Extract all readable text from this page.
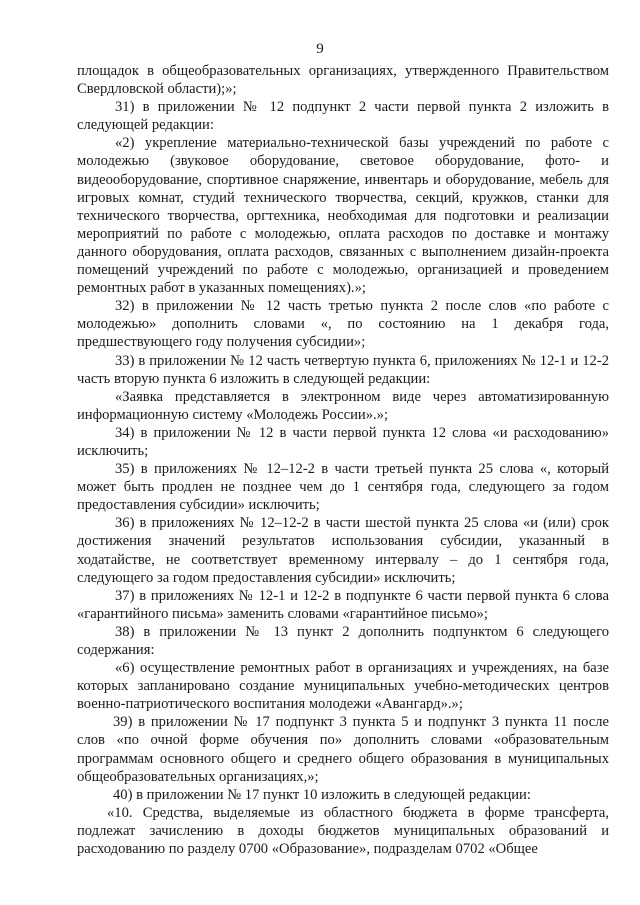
9

площадок в общеобразовательных организациях, утвержденного Правительством Свердловской области);»;

31) в приложении № 12 подпункт 2 части первой пункта 2 изложить в следующей редакции:

«2) укрепление материально-технической базы учреждений по работе с молодежью (звуковое оборудование, световое оборудование, фото- и видеооборудование, спортивное снаряжение, инвентарь и оборудование, мебель для игровых комнат, студий технического творчества, секций, кружков, станки для технического творчества, оргтехника, необходимая для подготовки и реализации мероприятий по работе с молодежью, оплата расходов по доставке и монтажу данного оборудования, оплата расходов, связанных с выполнением дизайн-проекта помещений учреждений по работе с молодежью, организацией и проведением ремонтных работ в указанных помещениях).»;

32) в приложении № 12 часть третью пункта 2 после слов «по работе с молодежью» дополнить словами «, по состоянию на 1 декабря года, предшествующего году получения субсидии»;

33) в приложении № 12 часть четвертую пункта 6, приложениях № 12-1 и 12-2 часть вторую пункта 6 изложить в следующей редакции:

«Заявка представляется в электронном виде через автоматизированную информационную систему «Молодежь России».»;

34) в приложении № 12 в части первой пункта 12 слова «и расходованию» исключить;

35) в приложениях № 12–12-2 в части третьей пункта 25 слова «, который может быть продлен не позднее чем до 1 сентября года, следующего за годом предоставления субсидии» исключить;

36) в приложениях № 12–12-2 в части шестой пункта 25 слова «и (или) срок достижения значений результатов использования субсидии, указанный в ходатайстве, не соответствует временному интервалу – до 1 сентября года, следующего за годом предоставления субсидии» исключить;

37) в приложениях № 12-1 и 12-2 в подпункте 6 части первой пункта 6 слова «гарантийного письма» заменить словами «гарантийное письмо»;

38) в приложении № 13 пункт 2 дополнить подпунктом 6 следующего содержания:

«6) осуществление ремонтных работ в организациях и учреждениях, на базе которых запланировано создание муниципальных учебно-методических центров военно-патриотического воспитания молодежи «Авангард».»;

39) в приложении № 17 подпункт 3 пункта 5 и подпункт 3 пункта 11 после слов «по очной форме обучения по» дополнить словами «образовательным программам основного общего и среднего общего образования в муниципальных общеобразовательных организациях,»;

40) в приложении № 17 пункт 10 изложить в следующей редакции:

«10. Средства, выделяемые из областного бюджета в форме трансферта, подлежат зачислению в доходы бюджетов муниципальных образований и расходованию по разделу 0700 «Образование», подразделам 0702 «Общее
